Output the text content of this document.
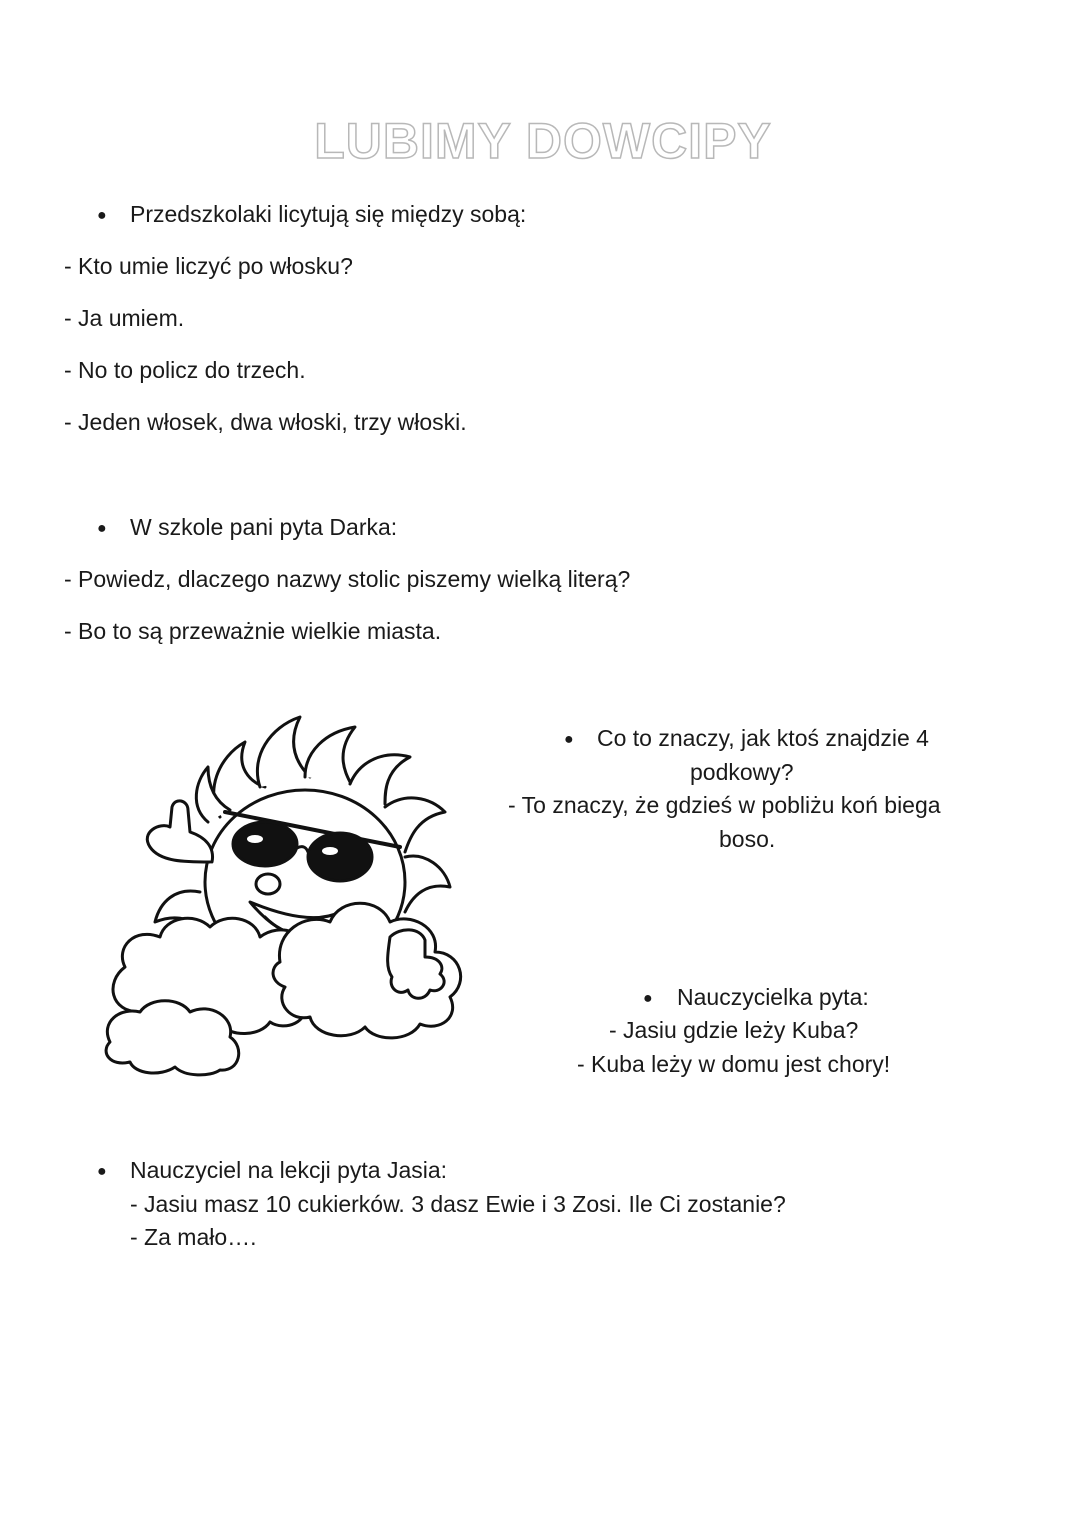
LUBIMY DOWCIPY
● Przedszkolaki licytują się między sobą:
- Kto umie liczyć po włosku?
- Ja umiem.
- No to policz do trzech.
- Jeden włosek, dwa włoski, trzy włoski.
● W szkole pani pyta Darka:
- Powiedz, dlaczego nazwy stolic piszemy wielką literą?
- Bo to są przeważnie wielkie miasta.
● Co to znaczy, jak ktoś znajdzie 4
podkowy?
- To znaczy, że gdzieś w pobliżu koń biega
boso.
● Nauczycielka pyta:
- Jasiu gdzie leży Kuba?
- Kuba leży w domu jest chory!
● Nauczyciel na lekcji pyta Jasia:
- Jasiu masz 10 cukierków. 3 dasz Ewie i 3 Zosi. Ile Ci zostanie?
- Za mało….
